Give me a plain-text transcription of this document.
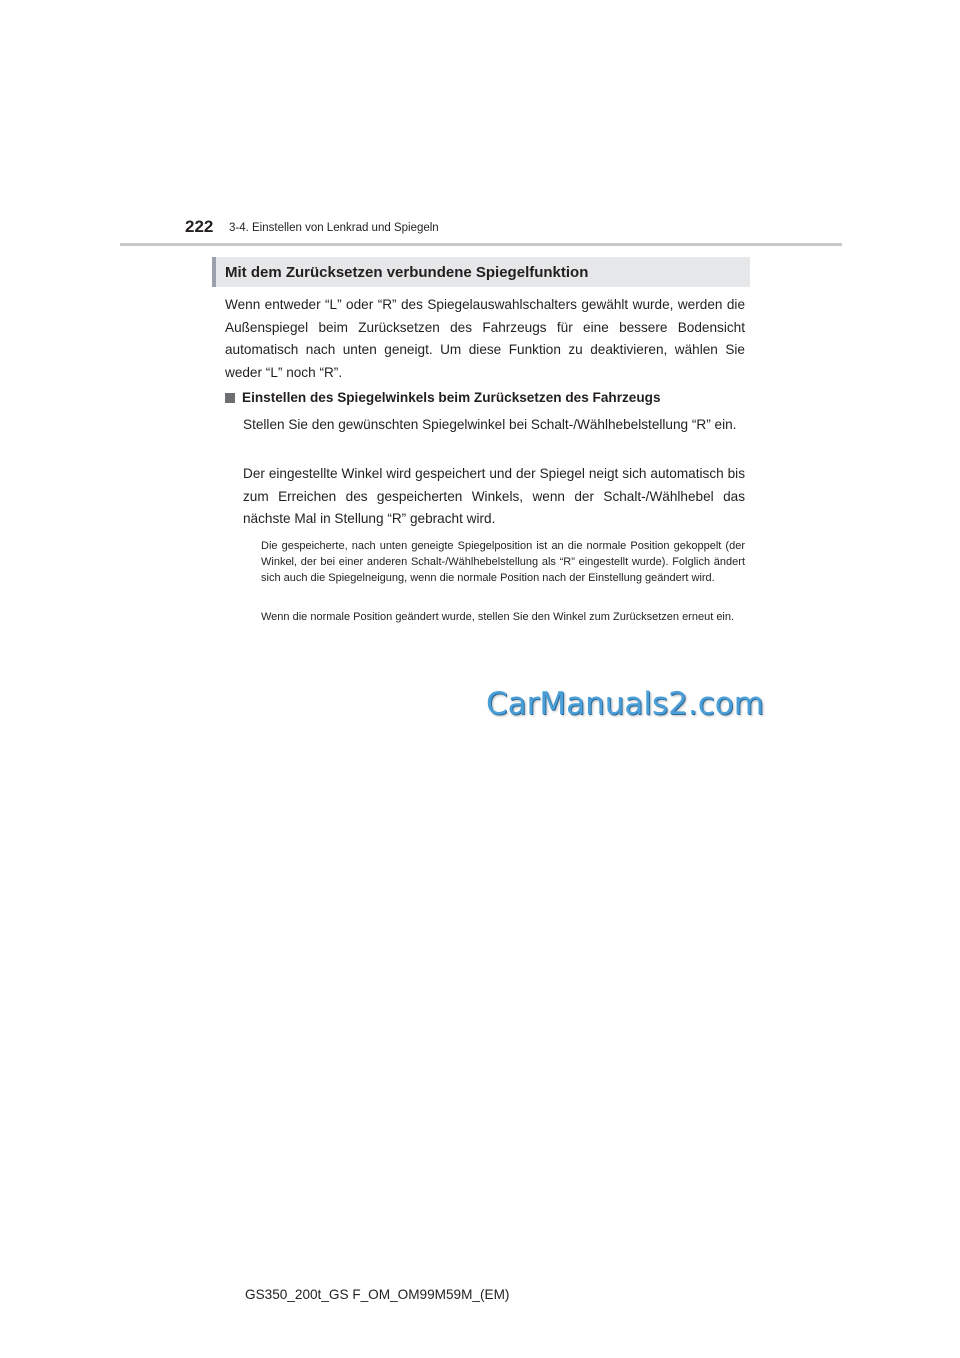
222 3-4. Einstellen von Lenkrad und Spiegeln
Mit dem Zurücksetzen verbundene Spiegelfunktion

Wenn entweder “L” oder “R” des Spiegelauswahlschalters gewählt wurde, werden die Außenspiegel beim Zurücksetzen des Fahrzeugs für eine bessere Bodensicht automatisch nach unten geneigt. Um diese Funktion zu deaktivieren, wählen Sie weder “L” noch “R”.

Einstellen des Spiegelwinkels beim Zurücksetzen des Fahrzeugs

Stellen Sie den gewünschten Spiegelwinkel bei Schalt-/Wählhebelstellung “R” ein.

Der eingestellte Winkel wird gespeichert und der Spiegel neigt sich automatisch bis zum Erreichen des gespeicherten Winkels, wenn der Schalt-/Wählhebel das nächste Mal in Stellung “R” gebracht wird.

Die gespeicherte, nach unten geneigte Spiegelposition ist an die normale Position gekoppelt (der Winkel, der bei einer anderen Schalt-/Wählhebelstellung als “R” eingestellt wurde). Folglich ändert sich auch die Spiegelneigung, wenn die normale Position nach der Einstellung geändert wird.

Wenn die normale Position geändert wurde, stellen Sie den Winkel zum Zurücksetzen erneut ein.

CarManuals2.com
GS350_200t_GS F_OM_OM99M59M_(EM)
